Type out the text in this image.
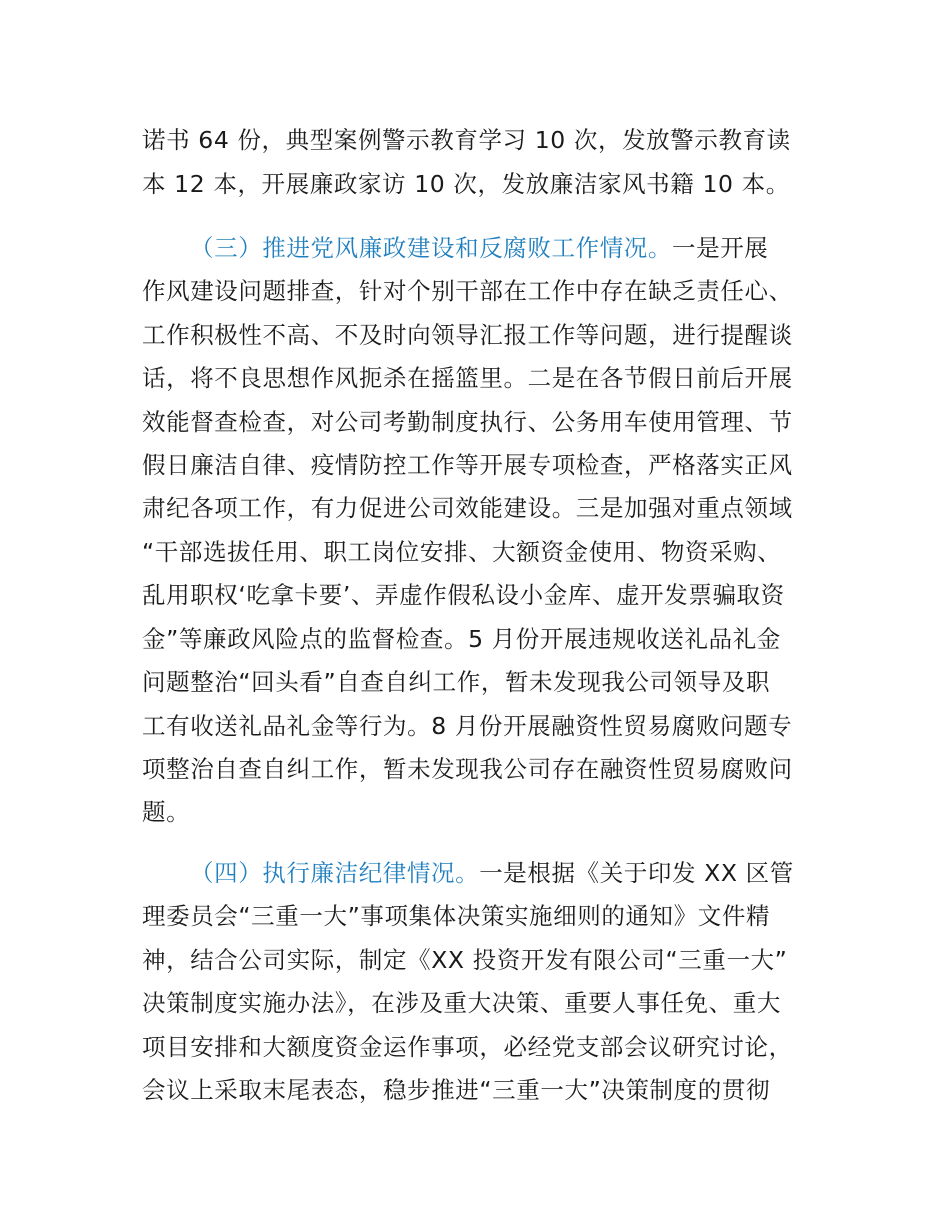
诺书 64 份，典型案例警示教育学习 10 次，发放警示教育读
本 12 本，开展廉政家访 10 次，发放廉洁家风书籍 10 本。
（三）推进党风廉政建设和反腐败工作情况。一是开展
作风建设问题排查，针对个别干部在工作中存在缺乏责任心、
工作积极性不高、不及时向领导汇报工作等问题，进行提醒谈
话，将不良思想作风扼杀在摇篮里。二是在各节假日前后开展
效能督查检查，对公司考勤制度执行、公务用车使用管理、节
假日廉洁自律、疫情防控工作等开展专项检查，严格落实正风
肃纪各项工作，有力促进公司效能建设。三是加强对重点领域
“干部选拔任用、职工岗位安排、大额资金使用、物资采购、
乱用职权‘吃拿卡要’、弄虚作假私设小金库、虚开发票骗取资
金”等廉政风险点的监督检查。5 月份开展违规收送礼品礼金
问题整治“回头看”自查自纠工作，暂未发现我公司领导及职
工有收送礼品礼金等行为。8 月份开展融资性贸易腐败问题专
项整治自查自纠工作，暂未发现我公司存在融资性贸易腐败问
题。
（四）执行廉洁纪律情况。一是根据《关于印发 XX 区管
理委员会“三重一大”事项集体决策实施细则的通知》文件精
神，结合公司实际，制定《XX 投资开发有限公司“三重一大”
决策制度实施办法》，在涉及重大决策、重要人事任免、重大
项目安排和大额度资金运作事项，必经党支部会议研究讨论，
会议上采取末尾表态，稳步推进“三重一大”决策制度的贯彻
